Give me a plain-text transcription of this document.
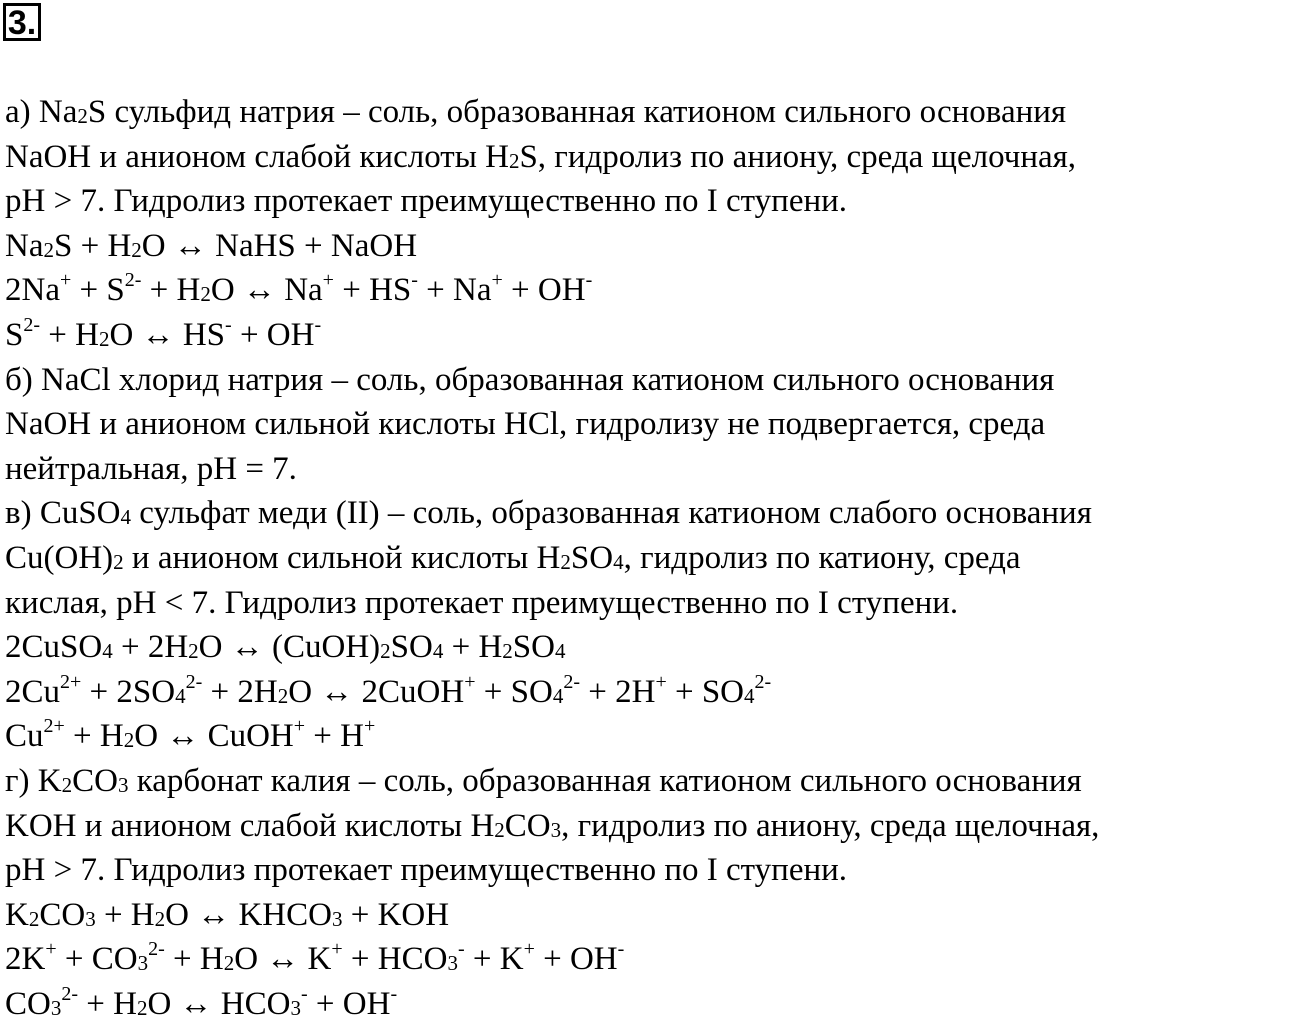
3.
а) $Na_2S$ сульфид натрия – соль, образованная катионом сильного основания
NaOH и анионом слабой кислоты $H_2S$, гидролиз по аниону, среда щелочная,
pH > 7. Гидролиз протекает преимущественно по I ступени.
$Na_2S + H_2O$ ↔ NaHS + NaOH
$2Na^+ + S^{2-} + H_2O$ ↔ Na+ + HS- + Na+ + OH-
$S^{2-} + H_2O$ ↔ HS- + OH-
б) NaCl хлорид натрия – соль, образованная катионом сильного основания
NaOH и анионом сильной кислоты HCl, гидролизу не подвергается, среда
нейтральная, pH = 7.
в) CuSO$_4$ сульфат меди (II) – соль, образованная катионом слабого основания
$Cu(OH)_2$ и анионом сильной кислоты $H_2SO_4$, гидролиз по катиону, среда
кислая, pH < 7. Гидролиз протекает преимущественно по I ступени.
2CuSO$_4$ + $2H_2O$ ↔ $(CuOH)_2SO_4 + H_2SO_4$
$2Cu^{2+} + 2SO_4^{2-} + 2H_2O$ ↔ 2CuOH+ + $SO_4^{2-} + 2H^+ + SO_4^{2-}$
$Cu^{2+} + H_2O$ ↔ CuOH+ + H+
г) $K_2CO_3$ карбонат калия – соль, образованная катионом сильного основания
KOH и анионом слабой кислоты $H_2CO_3$, гидролиз по аниону, среда щелочная,
pH > 7. Гидролиз протекает преимущественно по I ступени.
$K_2CO_3 + H_2O$ ↔ $KHCO_3$ + KOH
$2K^+ + CO_3^{2-} + H_2O$ ↔ $K^+ + HCO_3^- + K^+ + OH^-$
$CO_3^{2-} + H_2O$ ↔ $HCO_3^- + OH^-$
